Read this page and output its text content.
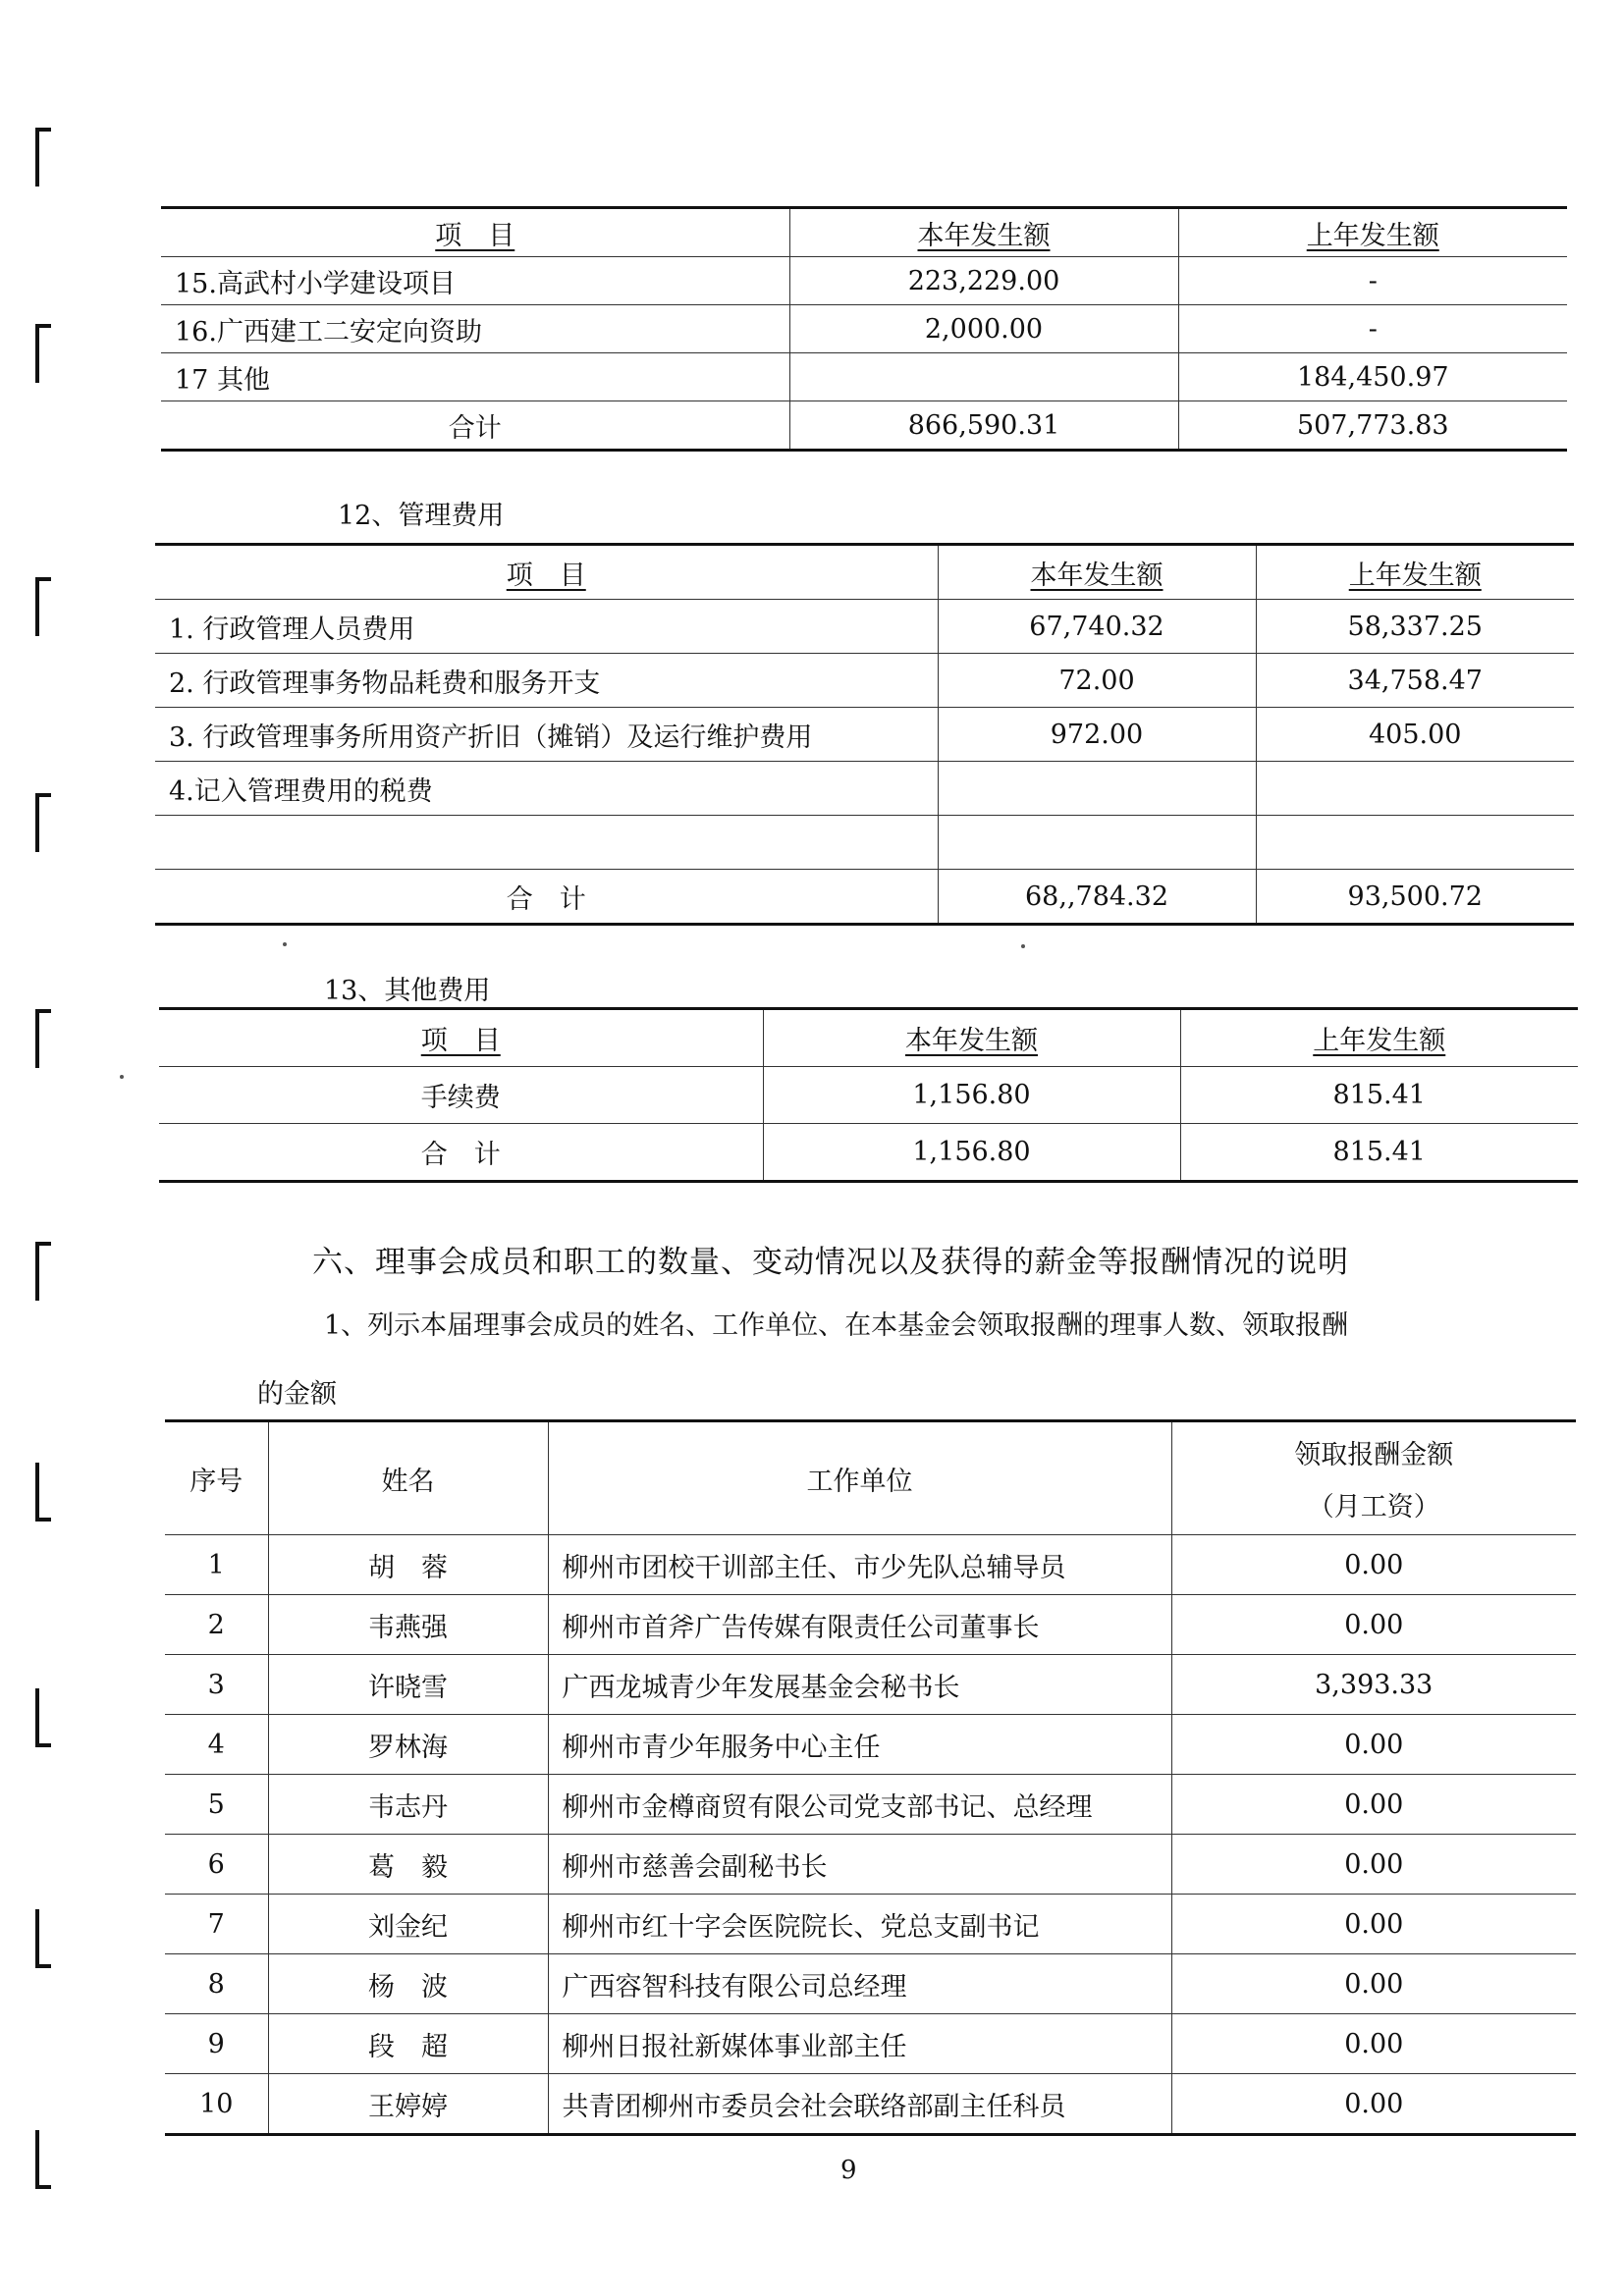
项　目	本年发生额	上年发生额
15.高武村小学建设项目	223,229.00	-
16.广西建工二安定向资助	2,000.00	-
17 其他		184,450.97
合计	866,590.31	507,773.83
12、管理费用
项　目	本年发生额	上年发生额
1. 行政管理人员费用	67,740.32	58,337.25
2. 行政管理事务物品耗费和服务开支	72.00	34,758.47
3. 行政管理事务所用资产折旧（摊销）及运行维护费用	972.00	405.00
4.记入管理费用的税费		

合　计	68,,784.32	93,500.72
13、其他费用
项　目	本年发生额	上年发生额
手续费	1,156.80	815.41
合　计	1,156.80	815.41
六、理事会成员和职工的数量、变动情况以及获得的薪金等报酬情况的说明
1、列示本届理事会成员的姓名、工作单位、在本基金会领取报酬的理事人数、领取报酬
的金额
序号	姓名	工作单位	领取报酬金额
（月工资）

1	胡　蓉	柳州市团校干训部主任、市少先队总辅导员	0.00
2	韦燕强	柳州市首斧广告传媒有限责任公司董事长	0.00
3	许晓雪	广西龙城青少年发展基金会秘书长	3,393.33
4	罗林海	柳州市青少年服务中心主任	0.00
5	韦志丹	柳州市金樽商贸有限公司党支部书记、总经理	0.00
6	葛　毅	柳州市慈善会副秘书长	0.00
7	刘金纪	柳州市红十字会医院院长、党总支副书记	0.00
8	杨　波	广西容智科技有限公司总经理	0.00
9	段　超	柳州日报社新媒体事业部主任	0.00
10	王婷婷	共青团柳州市委员会社会联络部副主任科员	0.00
9
